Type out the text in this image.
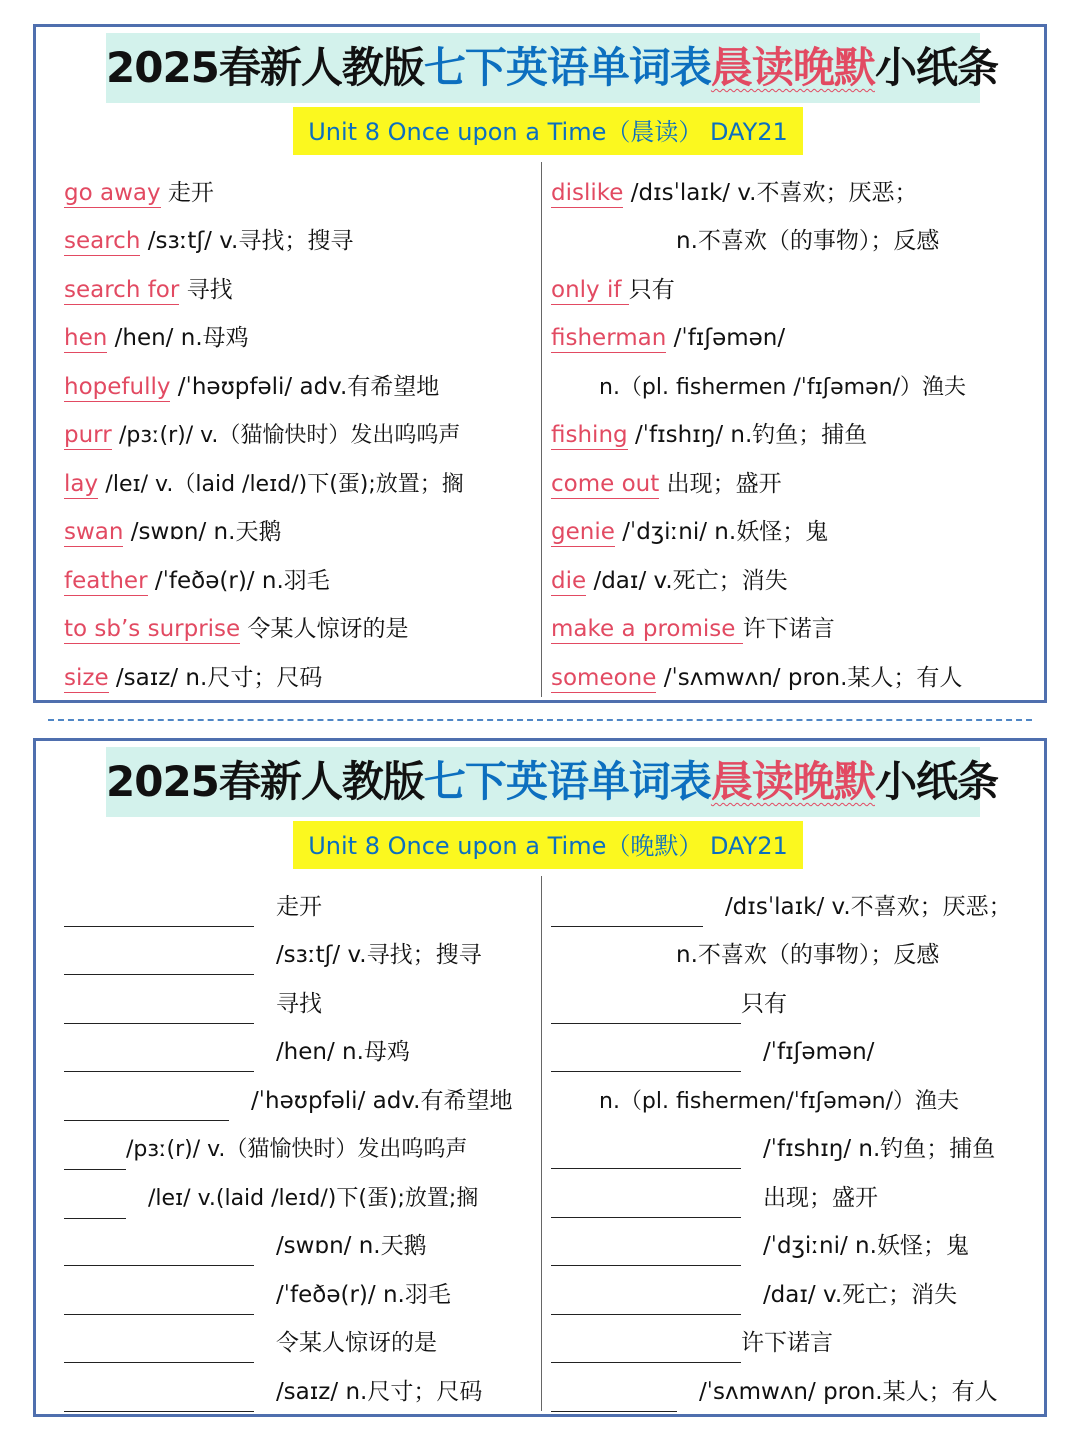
2025春新人教版七下英语单词表晨读晚默小纸条
Unit 8 Once upon a Time（晨读） DAY21
go away 走开
search /sɜːtʃ/ v.寻找；搜寻
search for 寻找
hen /hen/ n.母鸡
hopefully /ˈhəʊpfəli/ adv.有希望地
purr /pɜː(r)/ v.（猫愉快时）发出呜呜声
lay /leɪ/ v.（laid /leɪd/)下(蛋);放置；搁
swan /swɒn/ n.天鹅
feather /ˈfeðə(r)/ n.羽毛
to sb’s surprise 令某人惊讶的是
size /saɪz/ n.尺寸；尺码
dislike /dɪsˈlaɪk/ v.不喜欢；厌恶；
n.不喜欢（的事物）；反感
only if 只有
fisherman /ˈfɪʃəmən/
n.（pl. fishermen /ˈfɪʃəmən/）渔夫
fishing /ˈfɪshɪŋ/ n.钓鱼；捕鱼
come out 出现；盛开
genie /ˈdʒiːni/ n.妖怪；鬼
die /daɪ/ v.死亡；消失
make a promise 许下诺言
someone /ˈsʌmwʌn/ pron.某人；有人
2025春新人教版七下英语单词表晨读晚默小纸条
Unit 8 Once upon a Time（晚默） DAY21
走开
/sɜːtʃ/ v.寻找；搜寻
寻找
/hen/ n.母鸡
/ˈhəʊpfəli/ adv.有希望地
/pɜː(r)/ v.（猫愉快时）发出呜呜声
/leɪ/ v.(laid /leɪd/)下(蛋);放置;搁
/swɒn/ n.天鹅
/ˈfeðə(r)/ n.羽毛
令某人惊讶的是
/saɪz/ n.尺寸；尺码
/dɪsˈlaɪk/ v.不喜欢；厌恶；
n.不喜欢（的事物）；反感
只有
/ˈfɪʃəmən/
n.（pl. fishermen/ˈfɪʃəmən/）渔夫
/ˈfɪshɪŋ/ n.钓鱼；捕鱼
出现；盛开
/ˈdʒiːni/ n.妖怪；鬼
/daɪ/ v.死亡；消失
许下诺言
/ˈsʌmwʌn/ pron.某人；有人
